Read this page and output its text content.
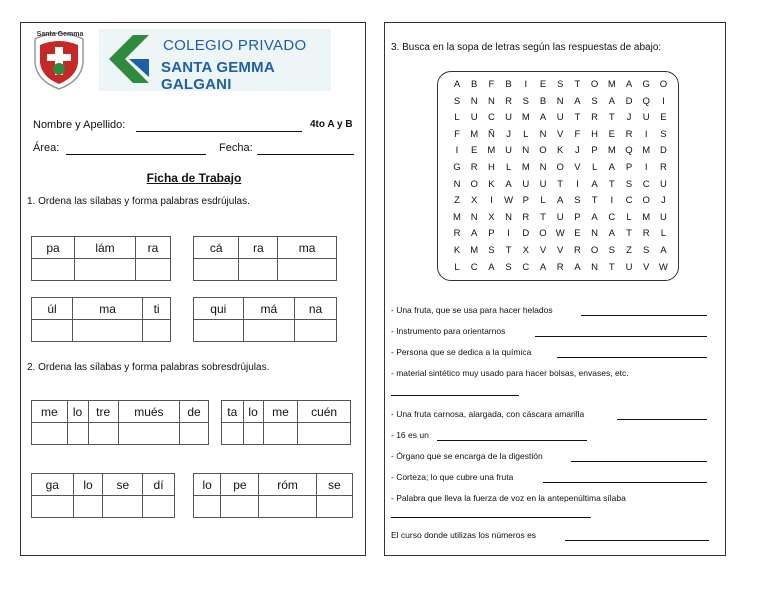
Santa Gemma
COLEGIO PRIVADO
SANTA GEMMA GALGANI
Nombre y Apellido:	4to A y B
Área:	Fecha:
Ficha de Trabajo
1. Ordena las sílabas y forma palabras esdrújulas.
pa	lám	ra
			cá	ra	ma

úl	ma	ti
			qui	má	na

2. Ordena las sílabas y forma palabras sobresdrújulas.
me	lo	tre	mués	de
				ta	lo	me	cuén

ga	lo	se	dí
				lo	pe	róm	se

3. Busca en la sopa de letras según las respuestas de abajo:
A	B	F	B	I	E	S	T	O	M	A	G	O
S	N	N	R	S	B	N	A	S	A	D	Q	I
L	U	C	U	M	A	U	T	R	T	J	U	E
F	M	Ñ	J	L	N	V	F	H	E	R	I	S
I	E	M	U	N	O	K	J	P	M	Q	M	D
G	R	H	L	M	N	O	V	L	A	P	I	R
N	O	K	A	U	U	T	I	A	T	S	C	U
Z	X	I	W	P	L	A	S	T	I	C	O	J
M	N	X	N	R	T	U	P	A	C	L	M	U
R	A	P	I	D	O W	E	N	A	T	R	L
K	M	S	T	X	V	V	R	O	S	Z	S	A
L	C	A	S	C	A	R	A	N	T	U	V	W
- Una fruta, que se usa para hacer helados
- Instrumento para orientarnos
- Persona que se dedica a la química
- material sintético muy usado para hacer bolsas, envases, etc.
- Una fruta carnosa, alargada, con cáscara amarilla
- 16 es un
- Órgano que se encarga de la digestión
- Corteza; lo que cubre una fruta
- Palabra que lleva la fuerza de voz en la antepenúltima sílaba
El curso donde utilizas los números es
